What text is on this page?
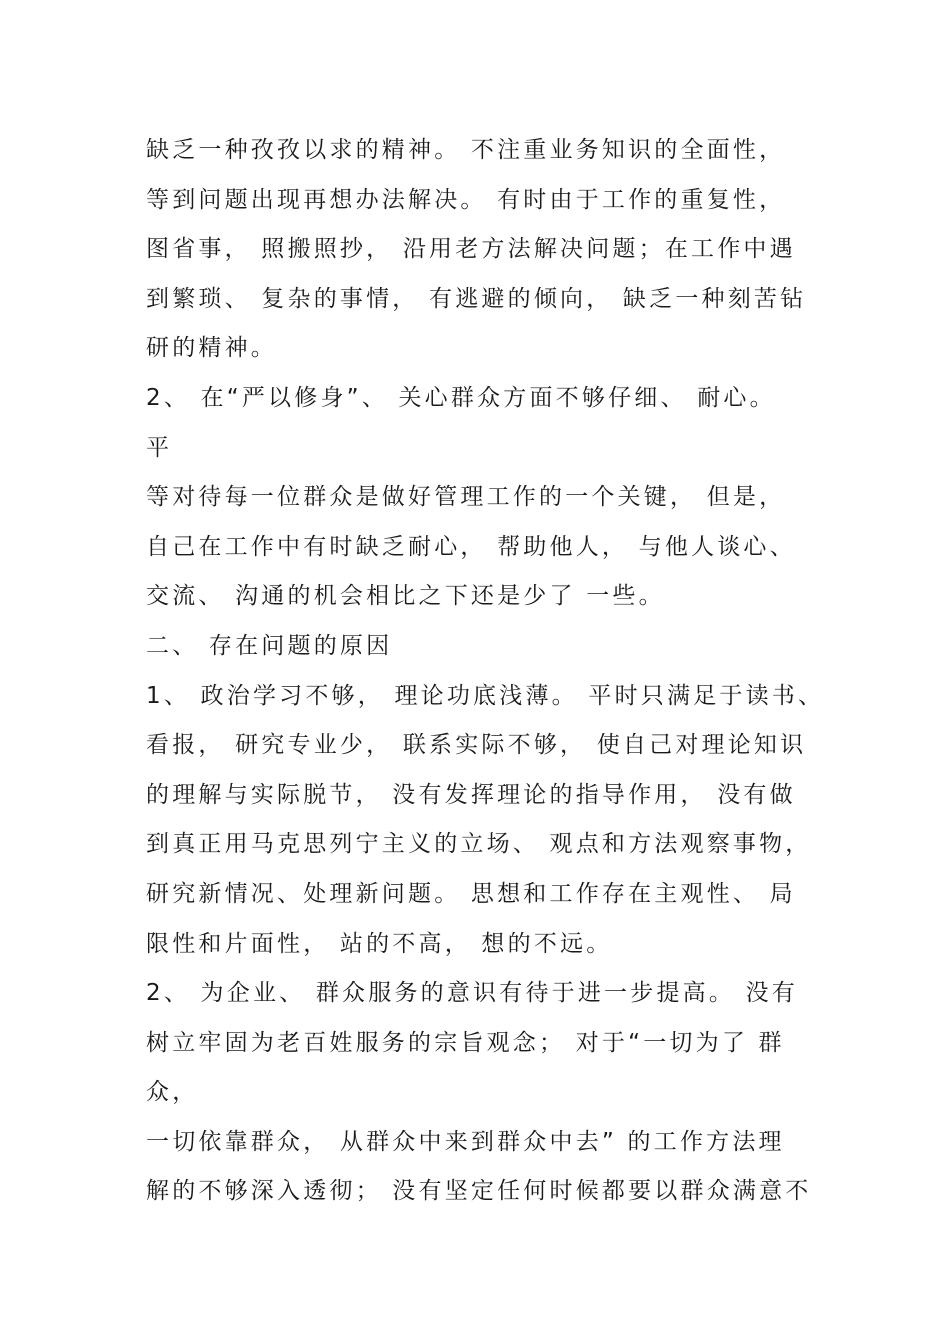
缺乏一种孜孜以求的精神。 不注重业务知识的全面性，
等到问题出现再想办法解决。 有时由于工作的重复性，
图省事， 照搬照抄， 沿用老方法解决问题；在工作中遇
到繁琐、 复杂的事情， 有逃避的倾向， 缺乏一种刻苦钻
研的精神。
2、 在“严以修身”、 关心群众方面不够仔细、 耐心。
平
等对待每一位群众是做好管理工作的一个关键， 但是，
自己在工作中有时缺乏耐心， 帮助他人， 与他人谈心、
交流、 沟通的机会相比之下还是少了 一些。
二、 存在问题的原因
1、 政治学习不够， 理论功底浅薄。 平时只满足于读书、
看报， 研究专业少， 联系实际不够， 使自己对理论知识
的理解与实际脱节， 没有发挥理论的指导作用， 没有做
到真正用马克思列宁主义的立场、 观点和方法观察事物，
研究新情况、处理新问题。 思想和工作存在主观性、 局
限性和片面性， 站的不高， 想的不远。
2、 为企业、 群众服务的意识有待于进一步提高。 没有
树立牢固为老百姓服务的宗旨观念； 对于“一切为了 群
众，
一切依靠群众， 从群众中来到群众中去” 的工作方法理
解的不够深入透彻； 没有坚定任何时候都要以群众满意不
